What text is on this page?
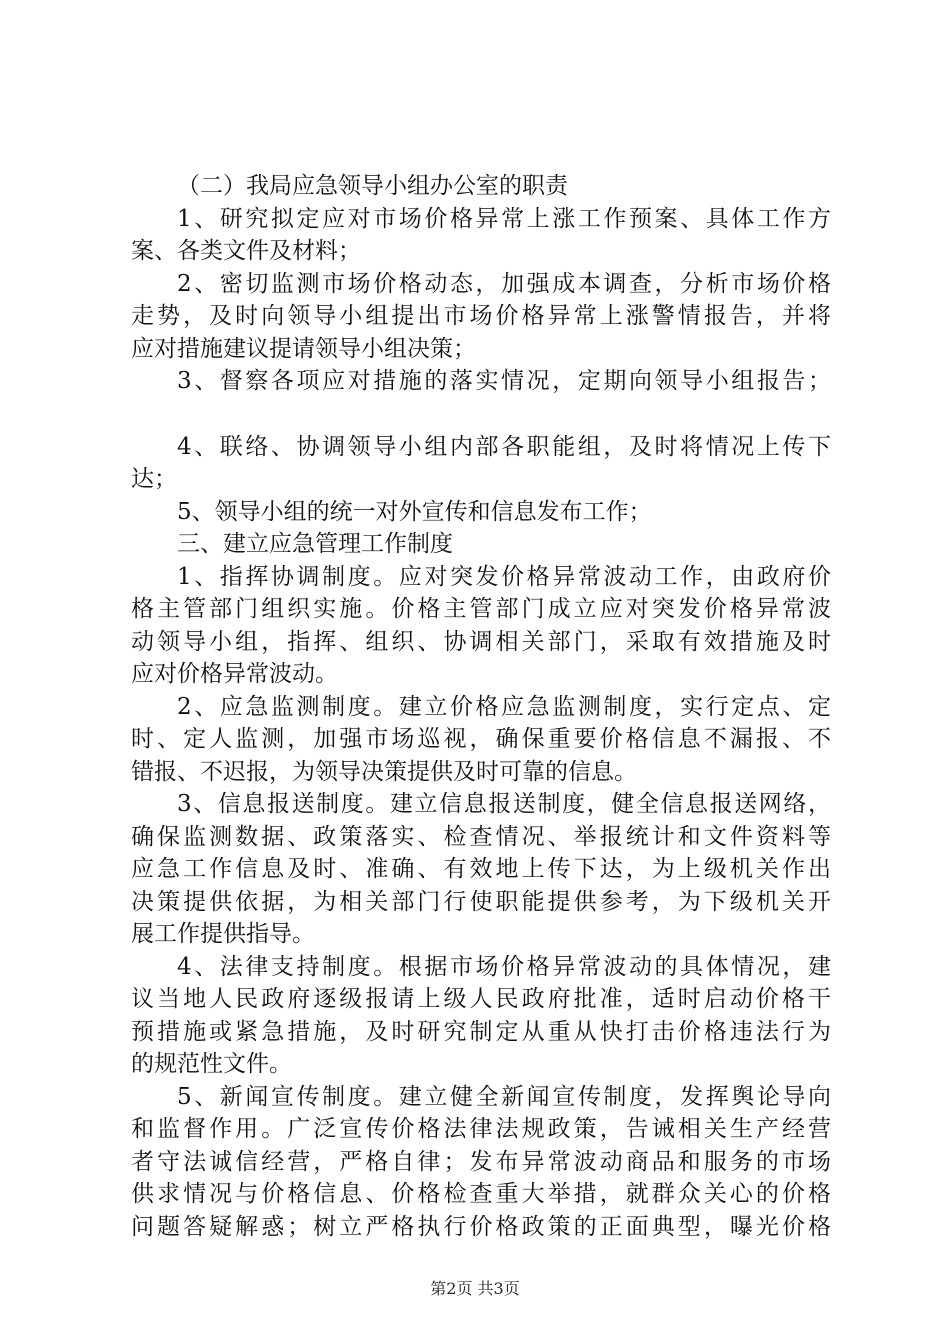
（二）我局应急领导小组办公室的职责
1、研究拟定应对市场价格异常上涨工作预案、具体工作方
案、各类文件及材料；
2、密切监测市场价格动态，加强成本调查，分析市场价格
走势，及时向领导小组提出市场价格异常上涨警情报告，并将
应对措施建议提请领导小组决策；
3、督察各项应对措施的落实情况，定期向领导小组报告；
4、联络、协调领导小组内部各职能组，及时将情况上传下
达；
5、领导小组的统一对外宣传和信息发布工作；
三、建立应急管理工作制度
1、指挥协调制度。应对突发价格异常波动工作，由政府价
格主管部门组织实施。价格主管部门成立应对突发价格异常波
动领导小组，指挥、组织、协调相关部门，采取有效措施及时
应对价格异常波动。
2、应急监测制度。建立价格应急监测制度，实行定点、定
时、定人监测，加强市场巡视，确保重要价格信息不漏报、不
错报、不迟报，为领导决策提供及时可靠的信息。
3、信息报送制度。建立信息报送制度，健全信息报送网络，
确保监测数据、政策落实、检查情况、举报统计和文件资料等
应急工作信息及时、准确、有效地上传下达，为上级机关作出
决策提供依据，为相关部门行使职能提供参考，为下级机关开
展工作提供指导。
4、法律支持制度。根据市场价格异常波动的具体情况，建
议当地人民政府逐级报请上级人民政府批准，适时启动价格干
预措施或紧急措施，及时研究制定从重从快打击价格违法行为
的规范性文件。
5、新闻宣传制度。建立健全新闻宣传制度，发挥舆论导向
和监督作用。广泛宣传价格法律法规政策，告诫相关生产经营
者守法诚信经营，严格自律；发布异常波动商品和服务的市场
供求情况与价格信息、价格检查重大举措，就群众关心的价格
问题答疑解惑；树立严格执行价格政策的正面典型，曝光价格
第2页 共3页
